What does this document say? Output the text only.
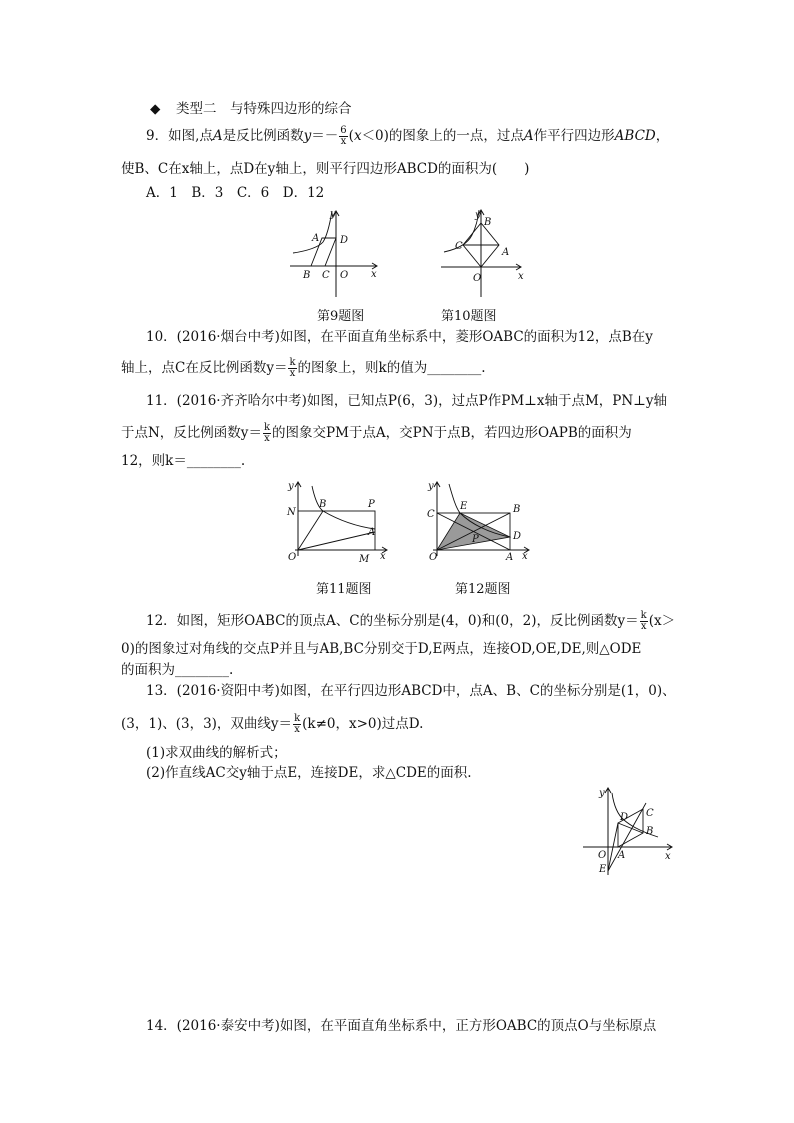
◆ 类型二　与特殊四边形的综合
9．如图,点A是反比例函数$y=- \frac{6}{x} (x<0)$的图象上的一点，过点A作平行四边形ABCD，
使B、C在x轴上，点D在y轴上，则平行四边形ABCD的面积为(　　)
A．1　B．3　C．6　D．12
A D
B C O x
y
B
C
A
O	x
y
第9题图	第10题图
10．(2016·烟台中考)如图，在平面直角坐标系中，菱形OABC的面积为12，点B在y
轴上，点C在反比例函数$y= \frac{k}{x}$ 的图象上，则k的值为________.
11．(2016·齐齐哈尔中考)如图，已知点P(6，3)，过点P作PM⊥x轴于点M，PN⊥y轴
于点N，反比例函数$y= \frac{k}{x}$ 的图象交PM于点A，交PN于点B，若四边形OAPB的面积为
12，则k＝________.
B	P
N
A
O	M x
y
E	B
C
P	D
O	A x
y
第11题图	第12题图
12．如图，矩形OABC的顶点A、C的坐标分别是(4，0)和(0，2)，反比例函数$y= \frac{k}{x} (x>$
0)的图象过对角线的交点P并且与AB,BC分别交于D,E两点，连接OD,OE,DE,则△ODE
的面积为________.
13．(2016·资阳中考)如图，在平行四边形ABCD中，点A、B、C的坐标分别是(1，0)、
(3，1)、(3，3)，双曲线$y= \frac{k}{x} (k\ne 0$，x>0)过点D.
(1)求双曲线的解析式；
(2)作直线AC交y轴于点E，连接DE，求△CDE的面积.
C
D
B
O A
E
x
y
14．(2016·泰安中考)如图，在平面直角坐标系中，正方形OABC的顶点O与坐标原点
